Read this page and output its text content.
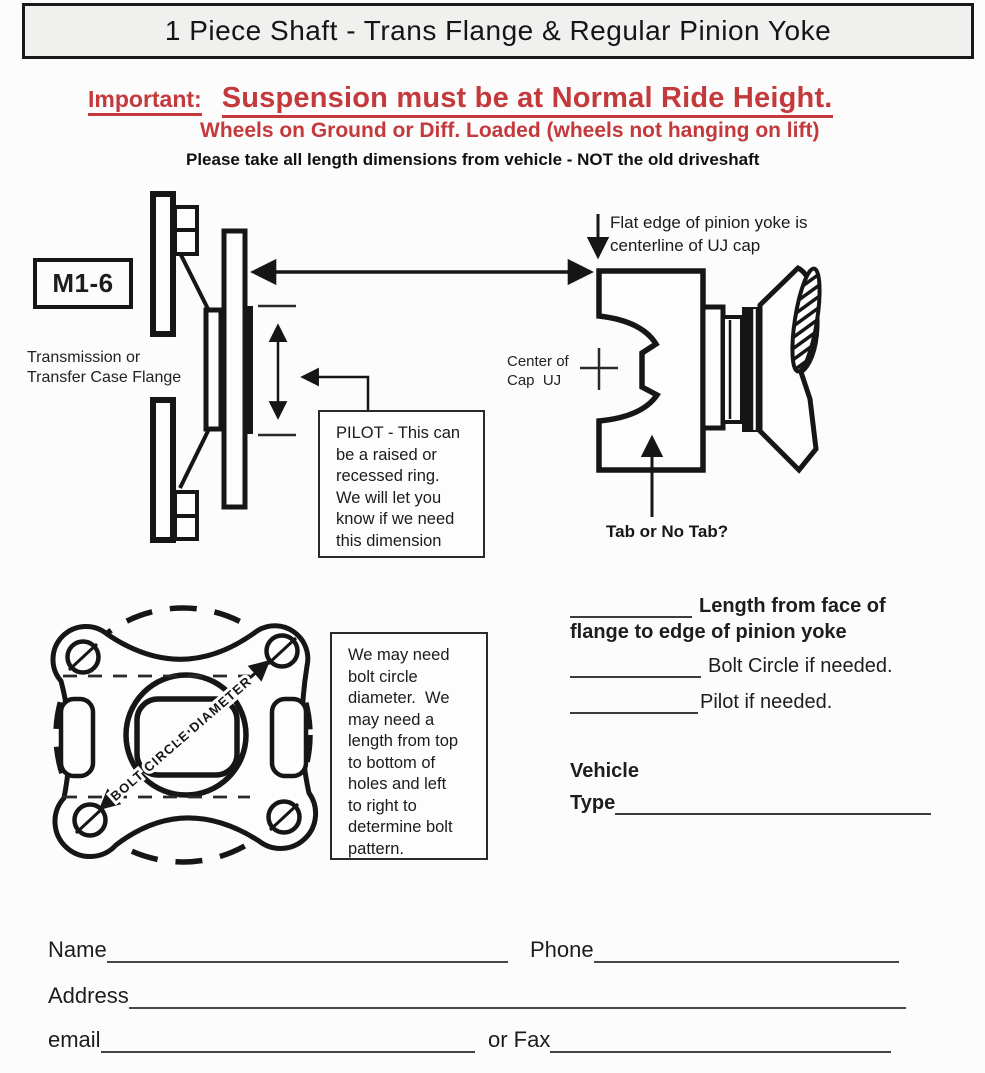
1 Piece Shaft - Trans Flange & Regular Pinion Yoke
Important: Suspension must be at Normal Ride Height.
Wheels on Ground or Diff. Loaded (wheels not hanging on lift)
Please take all length dimensions from vehicle - NOT the old driveshaft
M1-6
Transmission or
Transfer Case Flange
Flat edge of pinion yoke is
centerline of UJ cap
Center of
Cap  UJ
Tab or No Tab?
PILOT - This can
be a raised or
recessed ring.
We will let you
know if we need
this dimension
BOLT CIRCLE DIAMETER
We may need
bolt circle
diameter.  We
may need a
length from top
to bottom of
holes and left
to right to
determine bolt
pattern.
Length from face of
flange to edge of pinion yoke
Bolt Circle if needed.
Pilot if needed.
Vehicle
Type
Name	Phone
Address
email	or Fax
